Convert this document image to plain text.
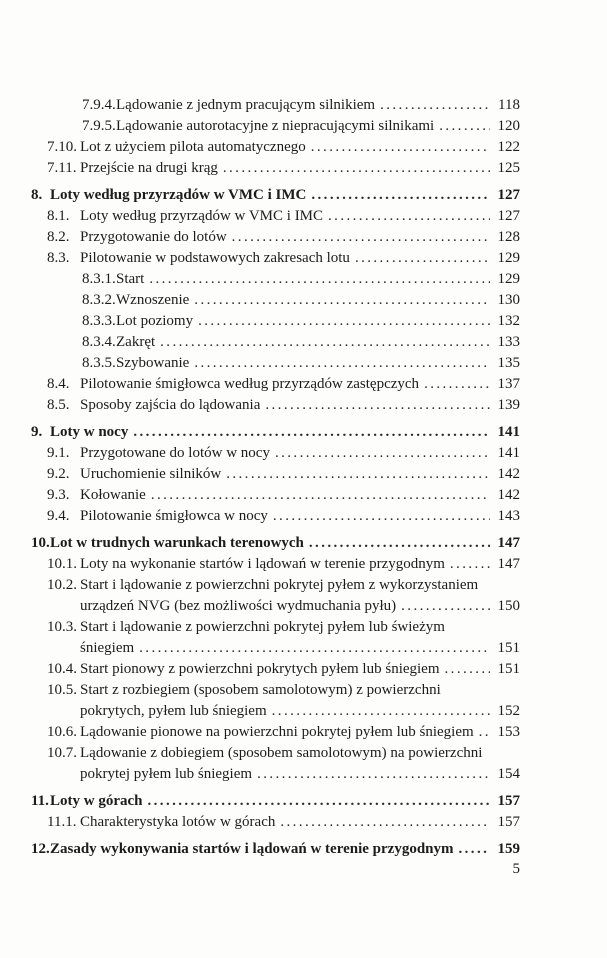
7.9.4. Lądowanie z jednym pracującym silnikiem .....	118
7.9.5. Lądowanie autorotacyjne z niepracującymi silnikami .....	120
7.10. Lot z użyciem pilota automatycznego .....	122
7.11. Przejście na drugi krąg .....	125
8. Loty według przyrządów w VMC i IMC .....	127
8.1. Loty według przyrządów w VMC i IMC .....	127
8.2. Przygotowanie do lotów .....	128
8.3. Pilotowanie w podstawowych zakresach lotu .....	129
8.3.1. Start .....	129
8.3.2. Wznoszenie .....	130
8.3.3. Lot poziomy .....	132
8.3.4. Zakręt .....	133
8.3.5. Szybowanie .....	135
8.4. Pilotowanie śmigłowca według przyrządów zastępczych .....	137
8.5. Sposoby zajścia do lądowania .....	139
9. Loty w nocy .....	141
9.1. Przygotowane do lotów w nocy .....	141
9.2. Uruchomienie silników .....	142
9.3. Kołowanie .....	142
9.4. Pilotowanie śmigłowca w nocy .....	143
10. Lot w trudnych warunkach terenowych .....	147
10.1. Loty na wykonanie startów i lądowań w terenie przygodnym .....	147
10.2. Start i lądowanie z powierzchni pokrytej pyłem z wykorzystaniem
urządzeń NVG (bez możliwości wydmuchania pyłu) .....	150
10.3. Start i lądowanie z powierzchni pokrytej pyłem lub świeżym
śniegiem .....	151
10.4. Start pionowy z powierzchni pokrytych pyłem lub śniegiem .....	151
10.5. Start z rozbiegiem (sposobem samolotowym) z powierzchni
pokrytych, pyłem lub śniegiem .....	152
10.6. Lądowanie pionowe na powierzchni pokrytej pyłem lub śniegiem ..... 153
10.7. Lądowanie z dobiegiem (sposobem samolotowym) na powierzchni
pokrytej pyłem lub śniegiem .....	154
11. Loty w górach .....	157
11.1. Charakterystyka lotów w górach .....	157
12. Zasady wykonywania startów i lądowań w terenie przygodnym .....	159
5
